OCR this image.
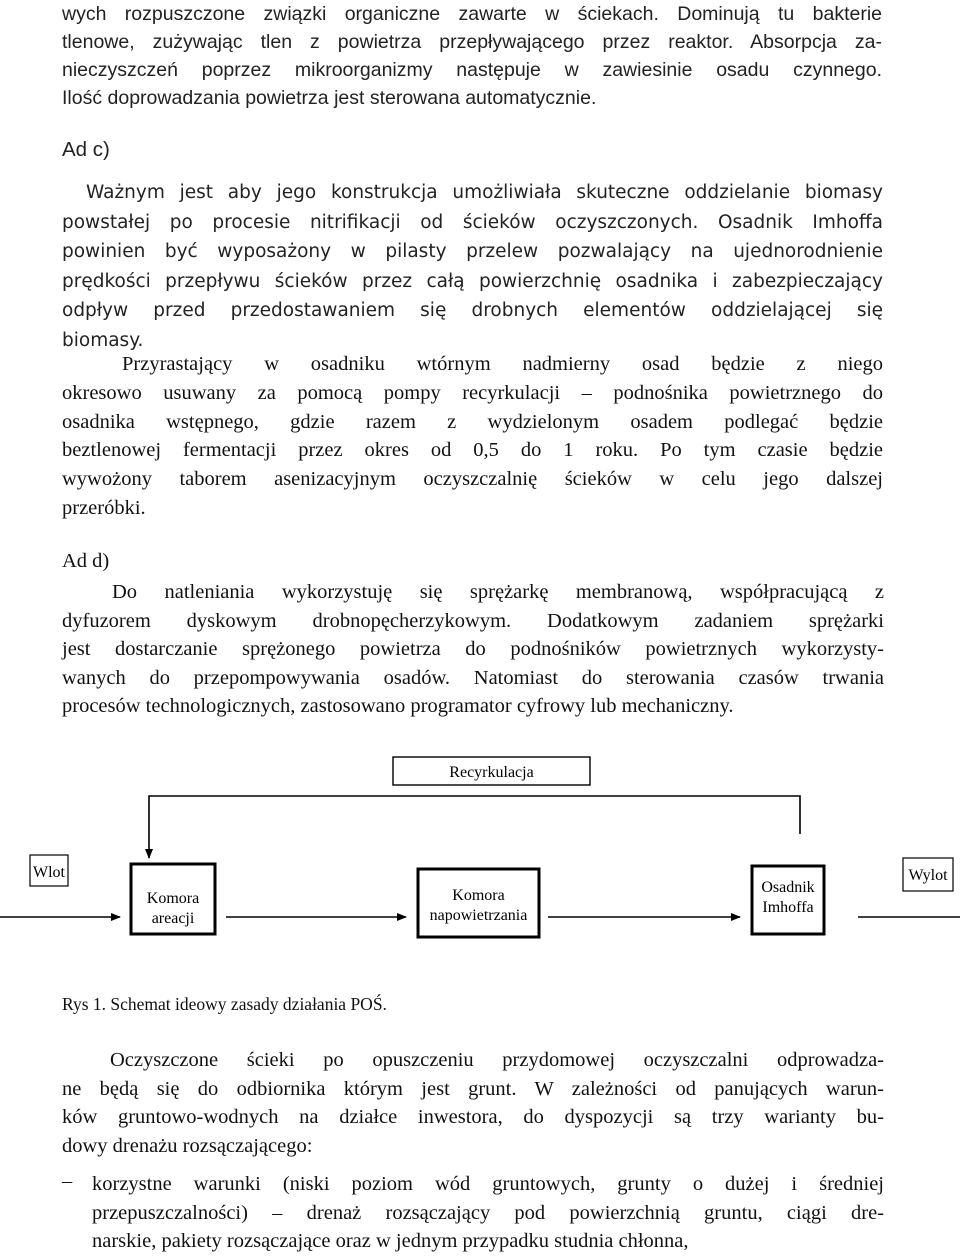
wych rozpuszczone związki organiczne zawarte w ściekach. Dominują tu bakterie
tlenowe, zużywając tlen z powietrza przepływającego przez reaktor. Absorpcja za-
nieczyszczeń poprzez mikroorganizmy następuje w zawiesinie osadu czynnego.
Ilość doprowadzania powietrza jest sterowana automatycznie.
Ad c)
Ważnym jest aby jego konstrukcja umożliwiała skuteczne oddzielanie biomasy
powstałej po procesie nitrifikacji od ścieków oczyszczonych. Osadnik Imhoffa
powinien być wyposażony w pilasty przelew pozwalający na ujednorodnienie
prędkości przepływu ścieków przez całą powierzchnię osadnika i zabezpieczający
odpływ przed przedostawaniem się drobnych elementów oddzielającej się
biomasy.
Przyrastający w osadniku wtórnym nadmierny osad będzie z niego
okresowo usuwany za pomocą pompy recyrkulacji – podnośnika powietrznego do
osadnika wstępnego, gdzie razem z wydzielonym osadem podlegać będzie
beztlenowej fermentacji przez okres od 0,5 do 1 roku. Po tym czasie będzie
wywożony taborem asenizacyjnym oczyszczalnię ścieków w celu jego dalszej
przeróbki.
Ad d)
Do natleniania wykorzystuję się sprężarkę membranową, współpracującą z
dyfuzorem dyskowym drobnopęcherzykowym. Dodatkowym zadaniem sprężarki
jest dostarczanie sprężonego powietrza do podnośników powietrznych wykorzysty-
wanych do przepompowywania osadów. Natomiast do sterowania czasów trwania
procesów technologicznych, zastosowano programator cyfrowy lub mechaniczny.
Recyrkulacja
Wlot
Komora
areacji
Komora
napowietrzania
Osadnik
Imhoffa
Wylot
Rys 1. Schemat ideowy zasady działania POŚ.
Oczyszczone ścieki po opuszczeniu przydomowej oczyszczalni odprowadza-
ne będą się do odbiornika którym jest grunt. W zależności od panujących warun-
ków gruntowo-wodnych na działce inwestora, do dyspozycji są trzy warianty bu-
dowy drenażu rozsączającego:
– korzystne warunki (niski poziom wód gruntowych, grunty o dużej i średniej
przepuszczalności) – drenaż rozsączający pod powierzchnią gruntu, ciągi dre-
narskie, pakiety rozsączające oraz w jednym przypadku studnia chłonna,
